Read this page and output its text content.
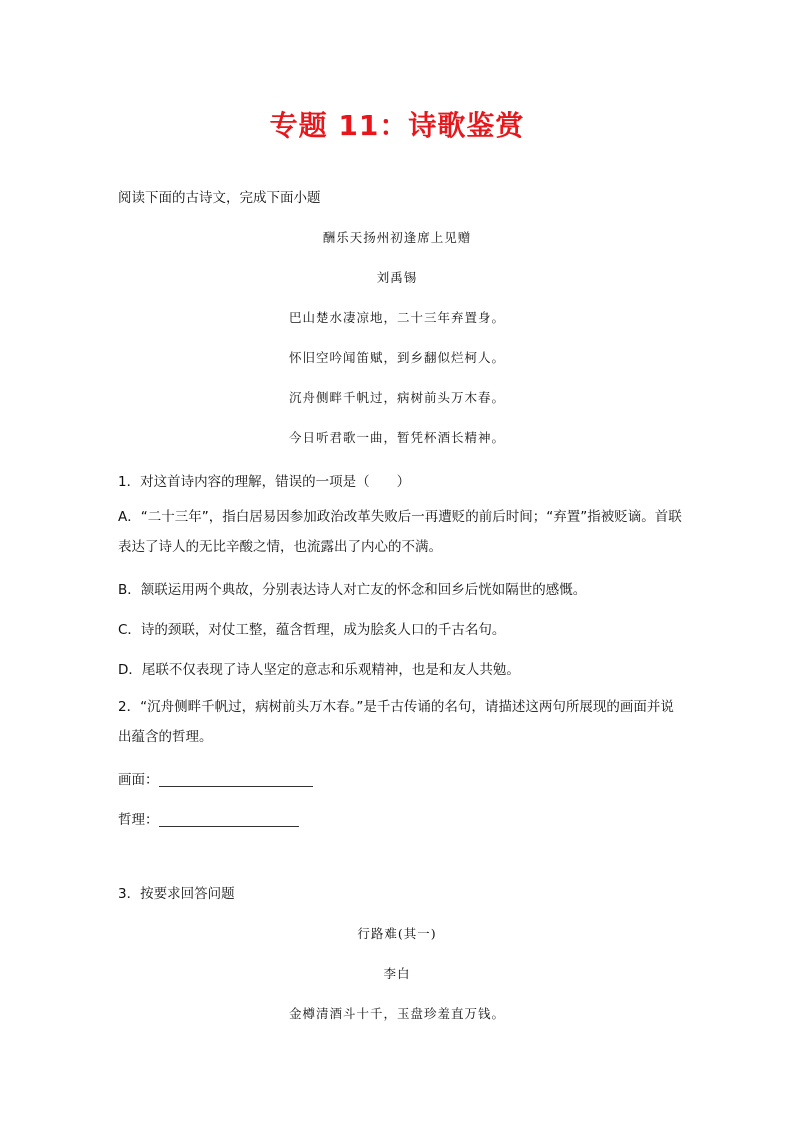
专题 11：诗歌鉴赏
阅读下面的古诗文，完成下面小题
酬乐天扬州初逢席上见赠
刘禹锡
巴山楚水凄凉地，二十三年弃置身。
怀旧空吟闻笛赋，到乡翻似烂柯人。
沉舟侧畔千帆过，病树前头万木春。
今日听君歌一曲，暂凭杯酒长精神。
1．对这首诗内容的理解，错误的一项是（　　）
A．“二十三年”，指白居易因参加政治改革失败后一再遭贬的前后时间；“弃置”指被贬谪。首联表达了诗人的无比辛酸之情，也流露出了内心的不满。
B．颔联运用两个典故，分别表达诗人对亡友的怀念和回乡后恍如隔世的感慨。
C．诗的颈联，对仗工整，蕴含哲理，成为脍炙人口的千古名句。
D．尾联不仅表现了诗人坚定的意志和乐观精神，也是和友人共勉。
2．“沉舟侧畔千帆过，病树前头万木春。”是千古传诵的名句，请描述这两句所展现的画面并说出蕴含的哲理。
画面：
哲理：
3．按要求回答问题
行路难(其一)
李白
金樽清酒斗十千，玉盘珍羞直万钱。
